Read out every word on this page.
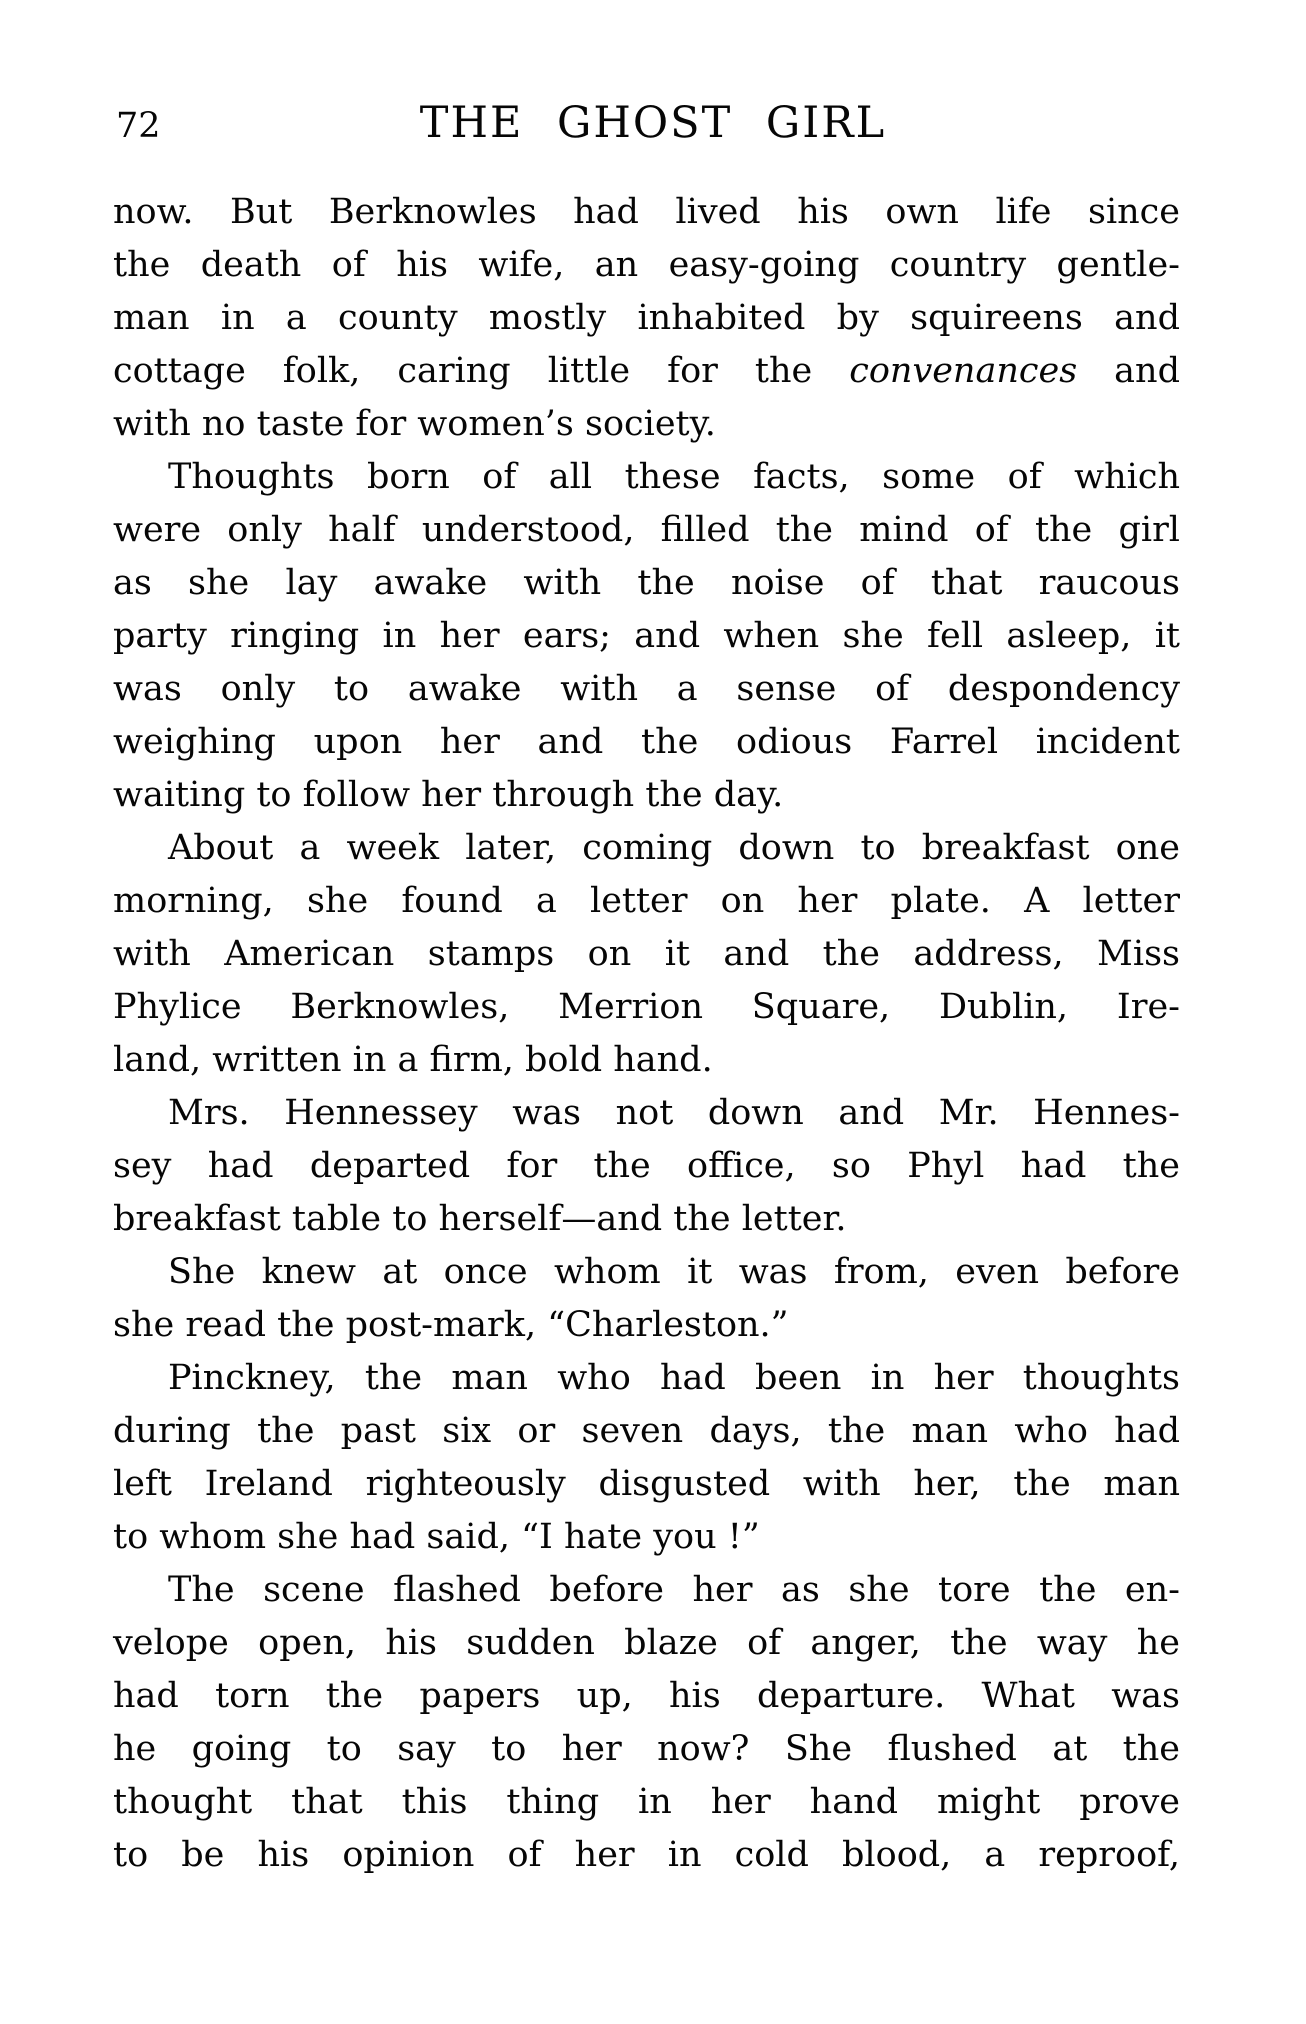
72	THE GHOST GIRL
now. But Berknowles had lived his own life since
the death of his wife, an easy-going country gentle-
man in a county mostly inhabited by squireens and
cottage folk, caring little for the convenances and
with no taste for women’s society.
Thoughts born of all these facts, some of which
were only half understood, filled the mind of the girl
as she lay awake with the noise of that raucous
party ringing in her ears; and when she fell asleep, it
was only to awake with a sense of despondency
weighing upon her and the odious Farrel incident
waiting to follow her through the day.
About a week later, coming down to breakfast one
morning, she found a letter on her plate. A letter
with American stamps on it and the address, Miss
Phylice Berknowles, Merrion Square, Dublin, Ire-
land, written in a firm, bold hand.
Mrs. Hennessey was not down and Mr. Hennes-
sey had departed for the office, so Phyl had the
breakfast table to herself—and the letter.
She knew at once whom it was from, even before
she read the post-mark, “Charleston.”
Pinckney, the man who had been in her thoughts
during the past six or seven days, the man who had
left Ireland righteously disgusted with her, the man
to whom she had said, “I hate you !”
The scene flashed before her as she tore the en-
velope open, his sudden blaze of anger, the way he
had torn the papers up, his departure. What was
he going to say to her now? She flushed at the
thought that this thing in her hand might prove
to be his opinion of her in cold blood, a reproof,
